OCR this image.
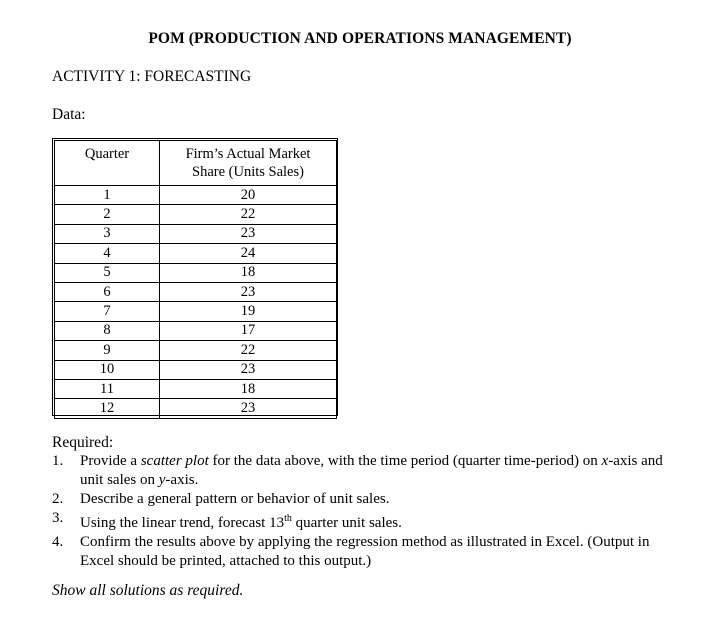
POM (PRODUCTION AND OPERATIONS MANAGEMENT)
ACTIVITY 1: FORECASTING
Data:
Quarter	Firm’s Actual Market
Share (Units Sales)
1	20
2	22
3	23
4	24
5	18
6	23
7	19
8	17
9	22
10	23
11	18
12	23
Required:
1. Provide a scatter plot for the data above, with the time period (quarter time-period) on x-axis and unit sales on y-axis.
2. Describe a general pattern or behavior of unit sales.
3. Using the linear trend, forecast 13th quarter unit sales.
4. Confirm the results above by applying the regression method as illustrated in Excel. (Output in Excel should be printed, attached to this output.)
Show all solutions as required.
